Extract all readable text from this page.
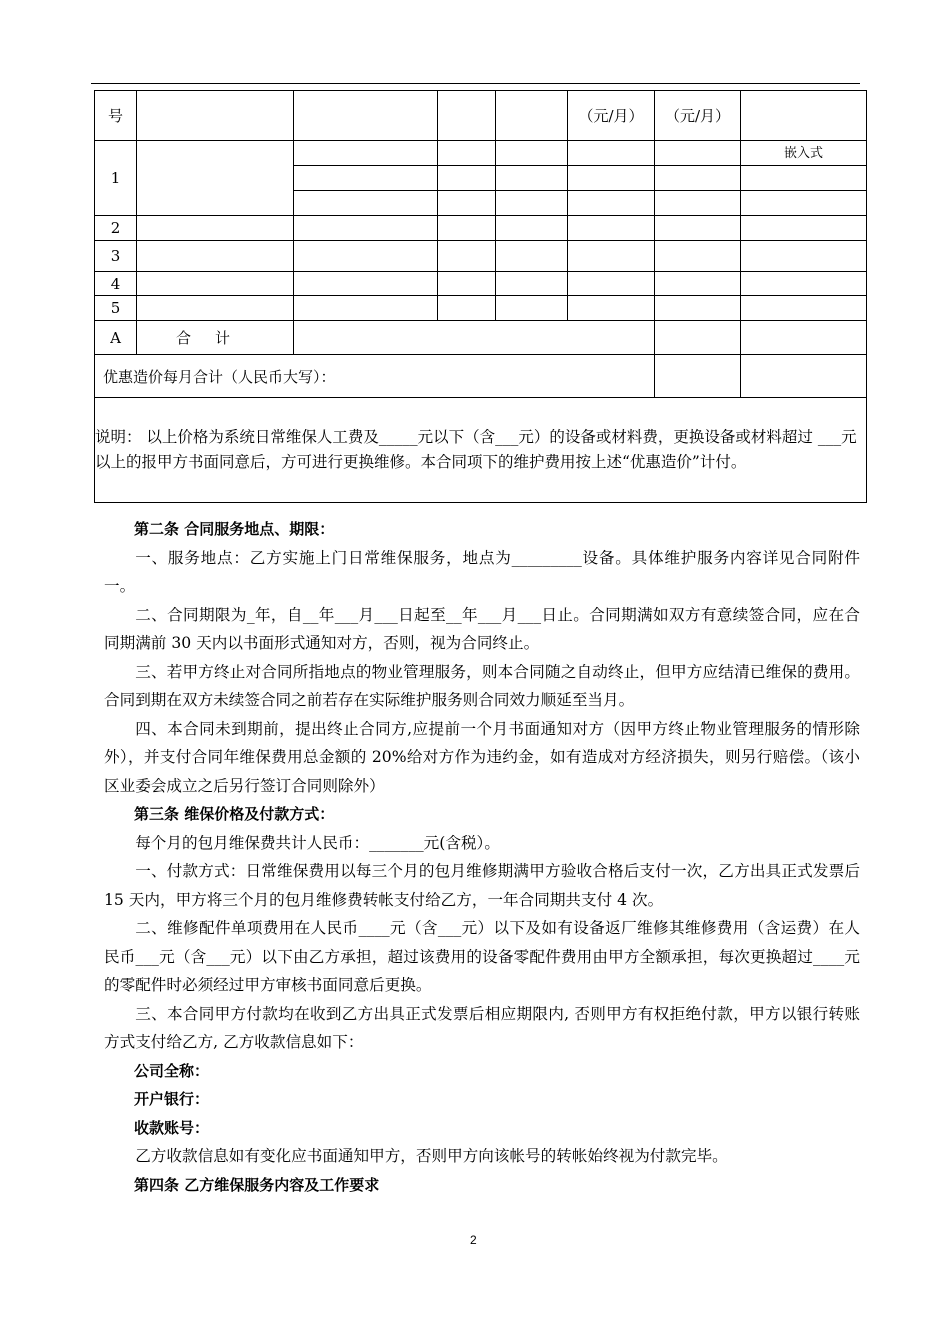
号					（元/月）	（元/月）	
1							嵌入式

2							
3							
4							
5							
A	合计						
优惠造价每月合计（人民币大写）：							
说明： 以上价格为系统日常维保人工费及_____元以下（含___元）的设备或材料费，更换设备或材料超过 ___元以上的报甲方书面同意后，方可进行更换维修。本合同项下的维护费用按上述“优惠造价”计付。							

第二条 合同服务地点、期限：

一、服务地点：乙方实施上门日常维保服务，地点为_________设备。具体维护服务内容详见合同附件一。

二、合同期限为_年，自__年___月___日起至__年___月___日止。合同期满如双方有意续签合同，应在合同期满前 30 天内以书面形式通知对方，否则，视为合同终止。

三、若甲方终止对合同所指地点的物业管理服务，则本合同随之自动终止，但甲方应结清已维保的费用。合同到期在双方未续签合同之前若存在实际维护服务则合同效力顺延至当月。

四、本合同未到期前，提出终止合同方,应提前一个月书面通知对方（因甲方终止物业管理服务的情形除外），并支付合同年维保费用总金额的 20%给对方作为违约金，如有造成对方经济损失，则另行赔偿。（该小区业委会成立之后另行签订合同则除外）

第三条 维保价格及付款方式：

每个月的包月维保费共计人民币：_______元(含税）。

一、付款方式：日常维保费用以每三个月的包月维修期满甲方验收合格后支付一次，乙方出具正式发票后 15 天内，甲方将三个月的包月维修费转帐支付给乙方，一年合同期共支付 4 次。

二、维修配件单项费用在人民币____元（含___元）以下及如有设备返厂维修其维修费用（含运费）在人民币___元（含___元）以下由乙方承担，超过该费用的设备零配件费用由甲方全额承担，每次更换超过____元的零配件时必须经过甲方审核书面同意后更换。

三、本合同甲方付款均在收到乙方出具正式发票后相应期限内, 否则甲方有权拒绝付款，甲方以银行转账方式支付给乙方, 乙方收款信息如下：

公司全称：

开户银行：

收款账号：

乙方收款信息如有变化应书面通知甲方，否则甲方向该帐号的转帐始终视为付款完毕。

第四条 乙方维保服务内容及工作要求

2
